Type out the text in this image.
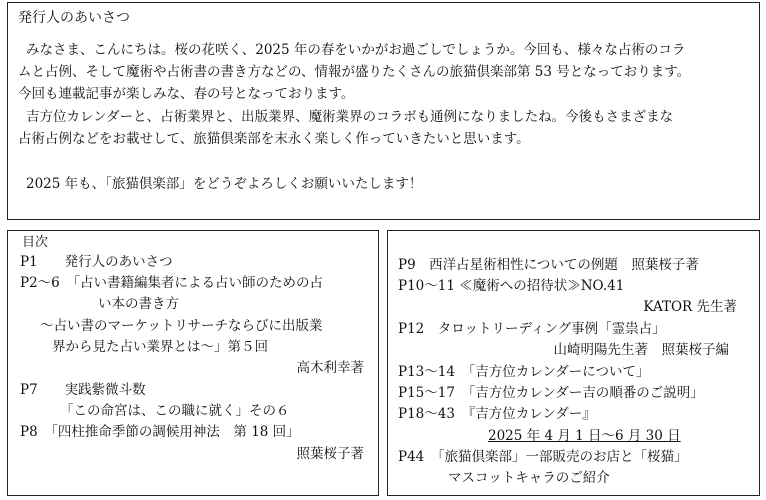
発行人のあいさつ
みなさま、こんにちは。桜の花咲く、2025 年の春をいかがお過ごしでしょうか。今回も、様々な占術のコラ
ムと占例、そして魔術や占術書の書き方などの、情報が盛りたくさんの旅猫倶楽部第 53 号となっております。
今回も連載記事が楽しみな、春の号となっております。
吉方位カレンダーと、占術業界と、出版業界、魔術業界のコラボも通例になりましたね。今後もさまざまな
占術占例などをお載せして、旅猫倶楽部を末永く楽しく作っていきたいと思います。
2025 年も、「旅猫倶楽部」をどうぞよろしくお願いいたします！
目次
P1　　発行人のあいさつ
P2〜6　「占い書籍編集者による占い師のための占
い本の書き方
〜占い書のマーケットリサーチならびに出版業
界から見た占い業界とは〜」第５回
高木利幸著
P7　　実践紫微斗数
「この命宮は、この職に就く」その６
P8　「四柱推命季節の調候用神法　第 18 回」
照葉桜子著
P9　西洋占星術相性についての例題　照葉桜子著
P10〜11 ≪魔術への招待状≫NO.41
KATOR 先生著
P12　タロットリーディング事例「霊祟占」
山崎明陽先生著　照葉桜子編
P13〜14　「吉方位カレンダーについて」
P15〜17　「吉方位カレンダー吉の順番のご説明」
P18〜43　『吉方位カレンダー』
2025 年 4 月 1 日〜6 月 30 日
P44　「旅猫倶楽部」一部販売のお店と「桜猫」
マスコットキャラのご紹介
